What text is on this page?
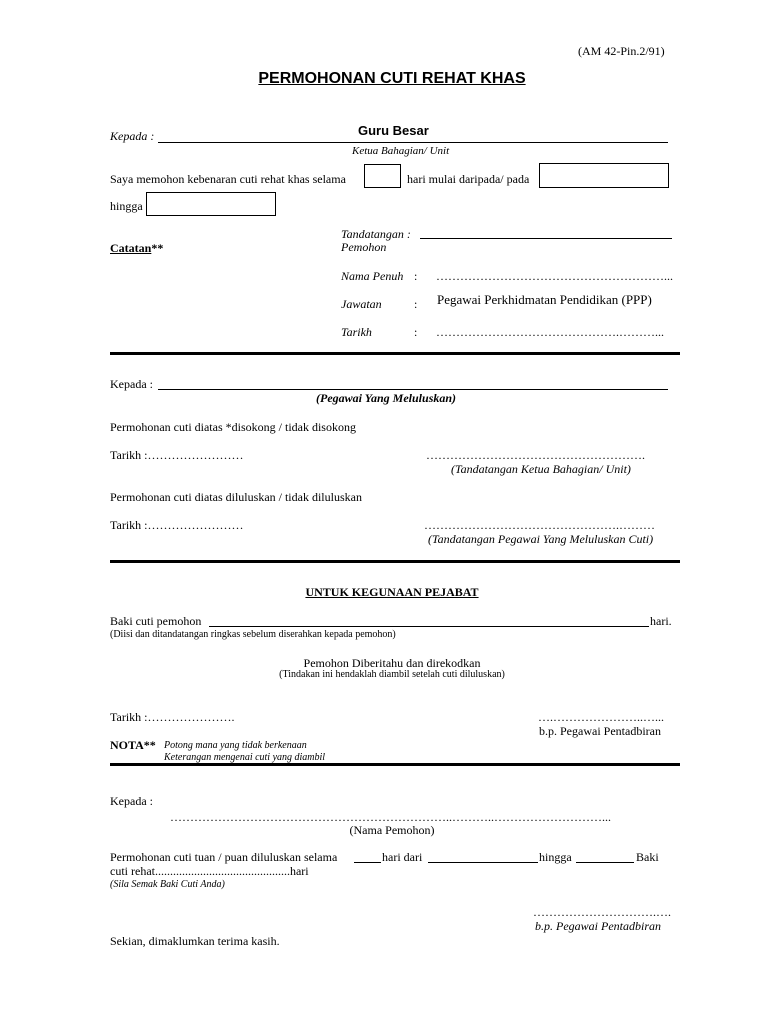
(AM 42-Pin.2/91)
PERMOHONAN CUTI REHAT KHAS
Kepada :	Guru Besar
Ketua Bahagian/ Unit
Saya memohon kebenaran cuti rehat khas selama	hari mulai daripada/ pada
hingga
Catatan**
Tandatangan :
Pemohon
Nama Penuh : …………………………………………………...
Jawatan	: Pegawai Perkhidmatan Pendidikan (PPP)
Tarikh	: ……………………………………….………...
Kepada :
(Pegawai Yang Meluluskan)
Permohonan cuti diatas *disokong / tidak disokong
Tarikh :……………………	……………………………………………….
(Tandatangan Ketua Bahagian/ Unit)
Permohonan cuti diatas diluluskan / tidak diluluskan
Tarikh :……………………	………………………………………….………
(Tandatangan Pegawai Yang Meluluskan Cuti)
UNTUK KEGUNAAN PEJABAT
Baki cuti pemohon	hari.
(Diisi dan ditandatangan ringkas sebelum diserahkan kepada pemohon)
Pemohon Diberitahu dan direkodkan
(Tindakan ini hendaklah diambil setelah cuti diluluskan)
Tarikh :………………….	….…………………..…...
b.p. Pegawai Pentadbiran
NOTA** Potong mana yang tidak berkenaan
Keterangan mengenai cuti yang diambil
Kepada :
……………………………………………………………..………..………………………...
(Nama Pemohon)
Permohonan cuti tuan / puan diluluskan selama	hari dari	hingga	Baki
cuti rehat.............................................hari
(Sila Semak Baki Cuti Anda)
………………………….….
b.p. Pegawai Pentadbiran
Sekian, dimaklumkan terima kasih.
